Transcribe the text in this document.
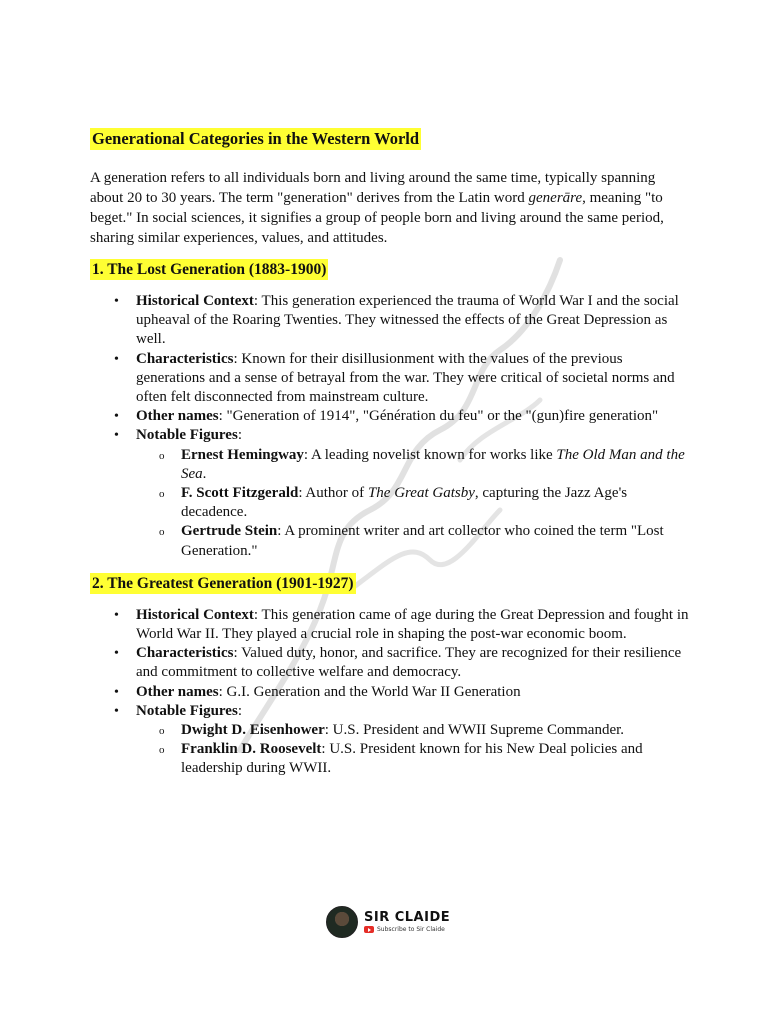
Generational Categories in the Western World

A generation refers to all individuals born and living around the same time, typically spanning about 20 to 30 years. The term "generation" derives from the Latin word generāre, meaning "to beget." In social sciences, it signifies a group of people born and living around the same period, sharing similar experiences, values, and attitudes.

1. The Lost Generation (1883-1900)
• Historical Context: This generation experienced the trauma of World War I and the social upheaval of the Roaring Twenties. They witnessed the effects of the Great Depression as well.
• Characteristics: Known for their disillusionment with the values of the previous generations and a sense of betrayal from the war. They were critical of societal norms and often felt disconnected from mainstream culture.
• Other names: "Generation of 1914", "Génération du feu" or the "(gun)fire generation"
• Notable Figures:
o Ernest Hemingway: A leading novelist known for works like The Old Man and the Sea.
o F. Scott Fitzgerald: Author of The Great Gatsby, capturing the Jazz Age's decadence.
o Gertrude Stein: A prominent writer and art collector who coined the term "Lost Generation."
2. The Greatest Generation (1901-1927)
• Historical Context: This generation came of age during the Great Depression and fought in World War II. They played a crucial role in shaping the post-war economic boom.
• Characteristics: Valued duty, honor, and sacrifice. They are recognized for their resilience and commitment to collective welfare and democracy.
• Other names: G.I. Generation and the World War II Generation
• Notable Figures:
o Dwight D. Eisenhower: U.S. President and WWII Supreme Commander.
o Franklin D. Roosevelt: U.S. President known for his New Deal policies and leadership during WWII.
SIR CLAIDE
Subscribe to Sir Claide
